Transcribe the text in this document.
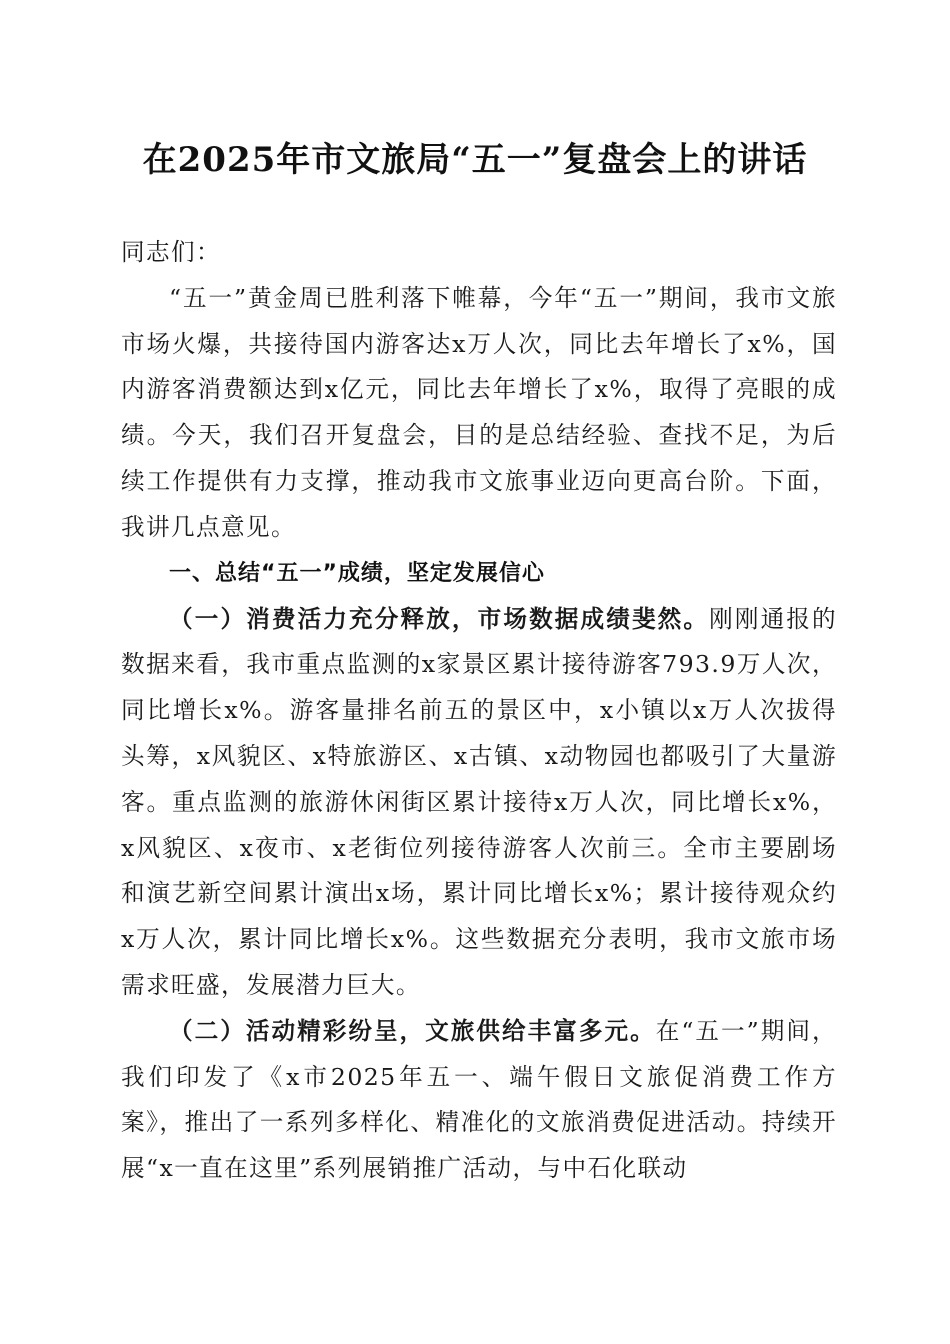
在2025年市文旅局“五一”复盘会上的讲话

同志们：

“五一”黄金周已胜利落下帷幕，今年“五一”期间，我市文旅市场火爆，共接待国内游客达x万人次，同比去年增长了x%，国内游客消费额达到x亿元，同比去年增长了x%，取得了亮眼的成绩。今天，我们召开复盘会，目的是总结经验、查找不足，为后续工作提供有力支撑，推动我市文旅事业迈向更高台阶。下面，我讲几点意见。

一、总结“五一”成绩，坚定发展信心

（一）消费活力充分释放，市场数据成绩斐然。刚刚通报的数据来看，我市重点监测的x家景区累计接待游客793.9万人次，同比增长x%。游客量排名前五的景区中，x小镇以x万人次拔得头筹，x风貌区、x特旅游区、x古镇、x动物园也都吸引了大量游客。重点监测的旅游休闲街区累计接待x万人次，同比增长x%，x风貌区、x夜市、x老街位列接待游客人次前三。全市主要剧场和演艺新空间累计演出x场，累计同比增长x%；累计接待观众约x万人次，累计同比增长x%。这些数据充分表明，我市文旅市场需求旺盛，发展潜力巨大。

（二）活动精彩纷呈，文旅供给丰富多元。在“五一”期间，我们印发了《x市2025年五一、端午假日文旅促消费工作方案》，推出了一系列多样化、精准化的文旅消费促进活动。持续开展“x一直在这里”系列展销推广活动，与中石化联动
